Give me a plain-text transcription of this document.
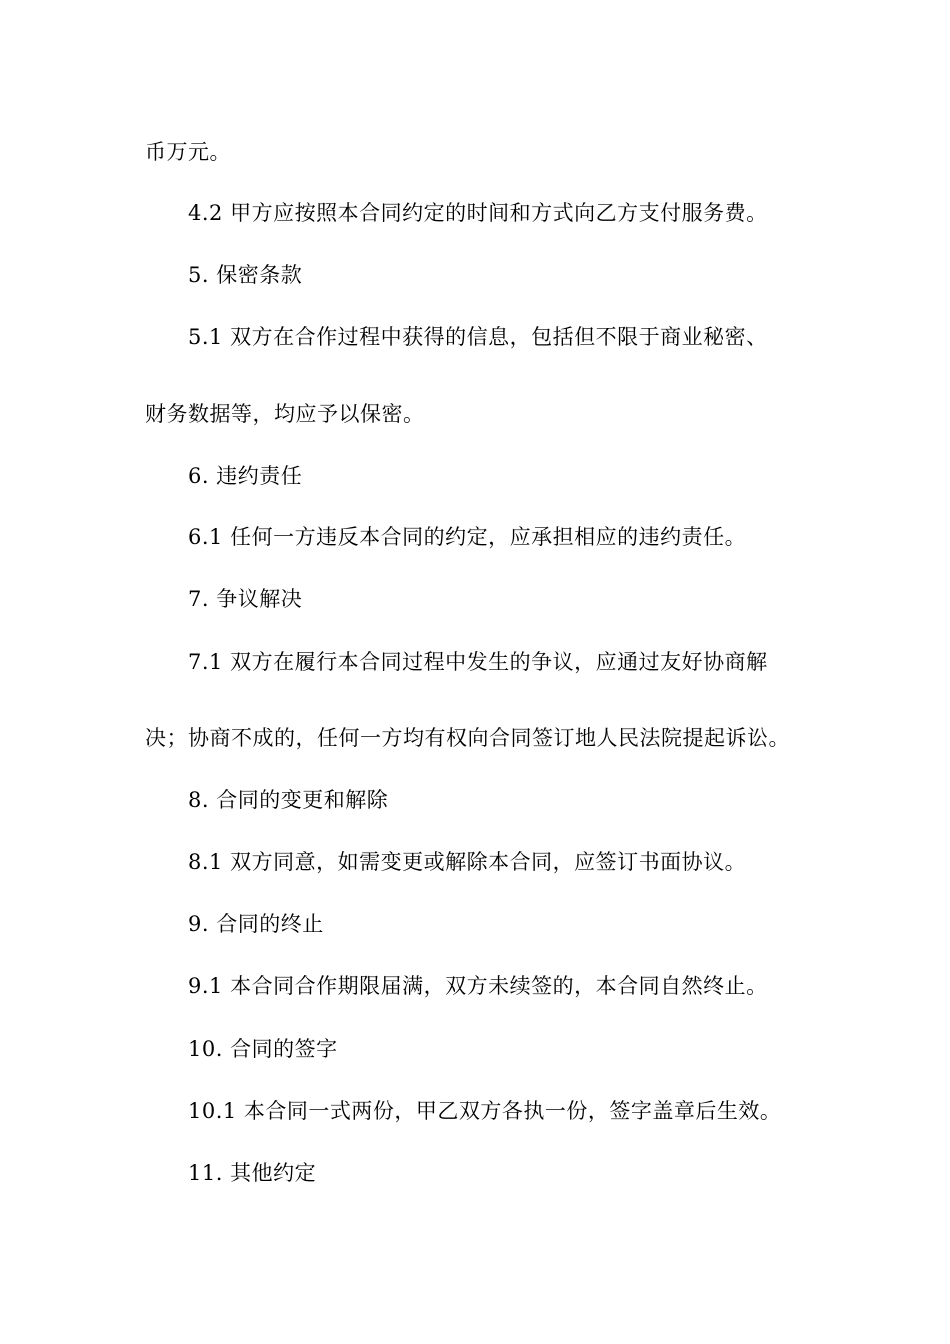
币万元。
4.2 甲方应按照本合同约定的时间和方式向乙方支付服务费。
5. 保密条款
5.1 双方在合作过程中获得的信息，包括但不限于商业秘密、
财务数据等，均应予以保密。
6. 违约责任
6.1 任何一方违反本合同的约定，应承担相应的违约责任。
7. 争议解决
7.1 双方在履行本合同过程中发生的争议，应通过友好协商解
决；协商不成的，任何一方均有权向合同签订地人民法院提起诉讼。
8. 合同的变更和解除
8.1 双方同意，如需变更或解除本合同，应签订书面协议。
9. 合同的终止
9.1 本合同合作期限届满，双方未续签的，本合同自然终止。
10. 合同的签字
10.1 本合同一式两份，甲乙双方各执一份，签字盖章后生效。
11. 其他约定
